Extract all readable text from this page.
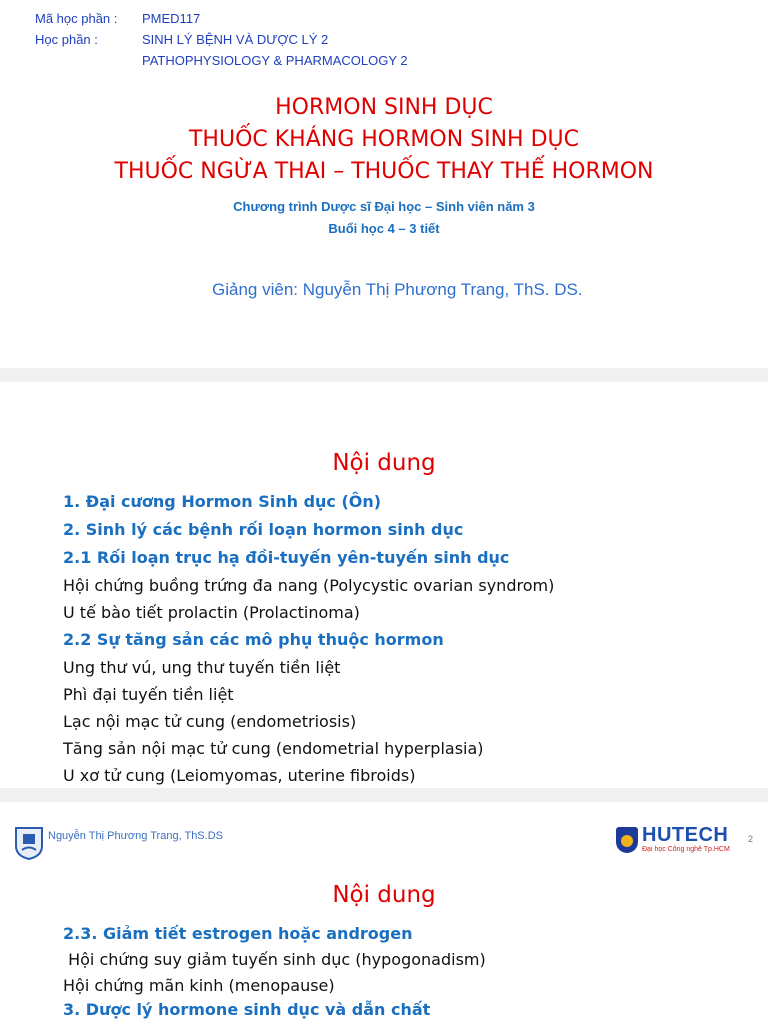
Mã học phần : PMED117
Học phần :	SINH LÝ BỆNH VÀ DƯỢC LÝ 2
PATHOPHYSIOLOGY & PHARMACOLOGY 2
HORMON SINH DỤC
THUỐC KHÁNG HORMON SINH DỤC
THUỐC NGỪA THAI – THUỐC THAY THẾ HORMON
Chương trình Dược sĩ Đại học – Sinh viên năm 3
Buổi học 4 – 3 tiết
Giảng viên: Nguyễn Thị Phương Trang, ThS. DS.
Nội dung
1. Đại cương Hormon Sinh dục (Ôn)
2. Sinh lý các bệnh rối loạn hormon sinh dục
2.1 Rối loạn trục hạ đồi-tuyến yên-tuyến sinh dục
Hội chứng buồng trứng đa nang (Polycystic ovarian syndrom)
U tế bào tiết prolactin (Prolactinoma)
2.2 Sự tăng sản các mô phụ thuộc hormon
Ung thư vú, ung thư tuyến tiền liệt
Phì đại tuyến tiền liệt
Lạc nội mạc tử cung (endometriosis)
Tăng sản nội mạc tử cung (endometrial hyperplasia)
U xơ tử cung (Leiomyomas, uterine fibroids)
Nguyễn Thị Phương Trang, ThS.DS	HUTECH
Đại học Công nghệ Tp.HCM
2
Nội dung
2.3. Giảm tiết estrogen hoặc androgen
Hội chứng suy giảm tuyến sinh dục (hypogonadism)
Hội chứng mãn kinh (menopause)
3. Dược lý hormone sinh dục và dẫn chất
